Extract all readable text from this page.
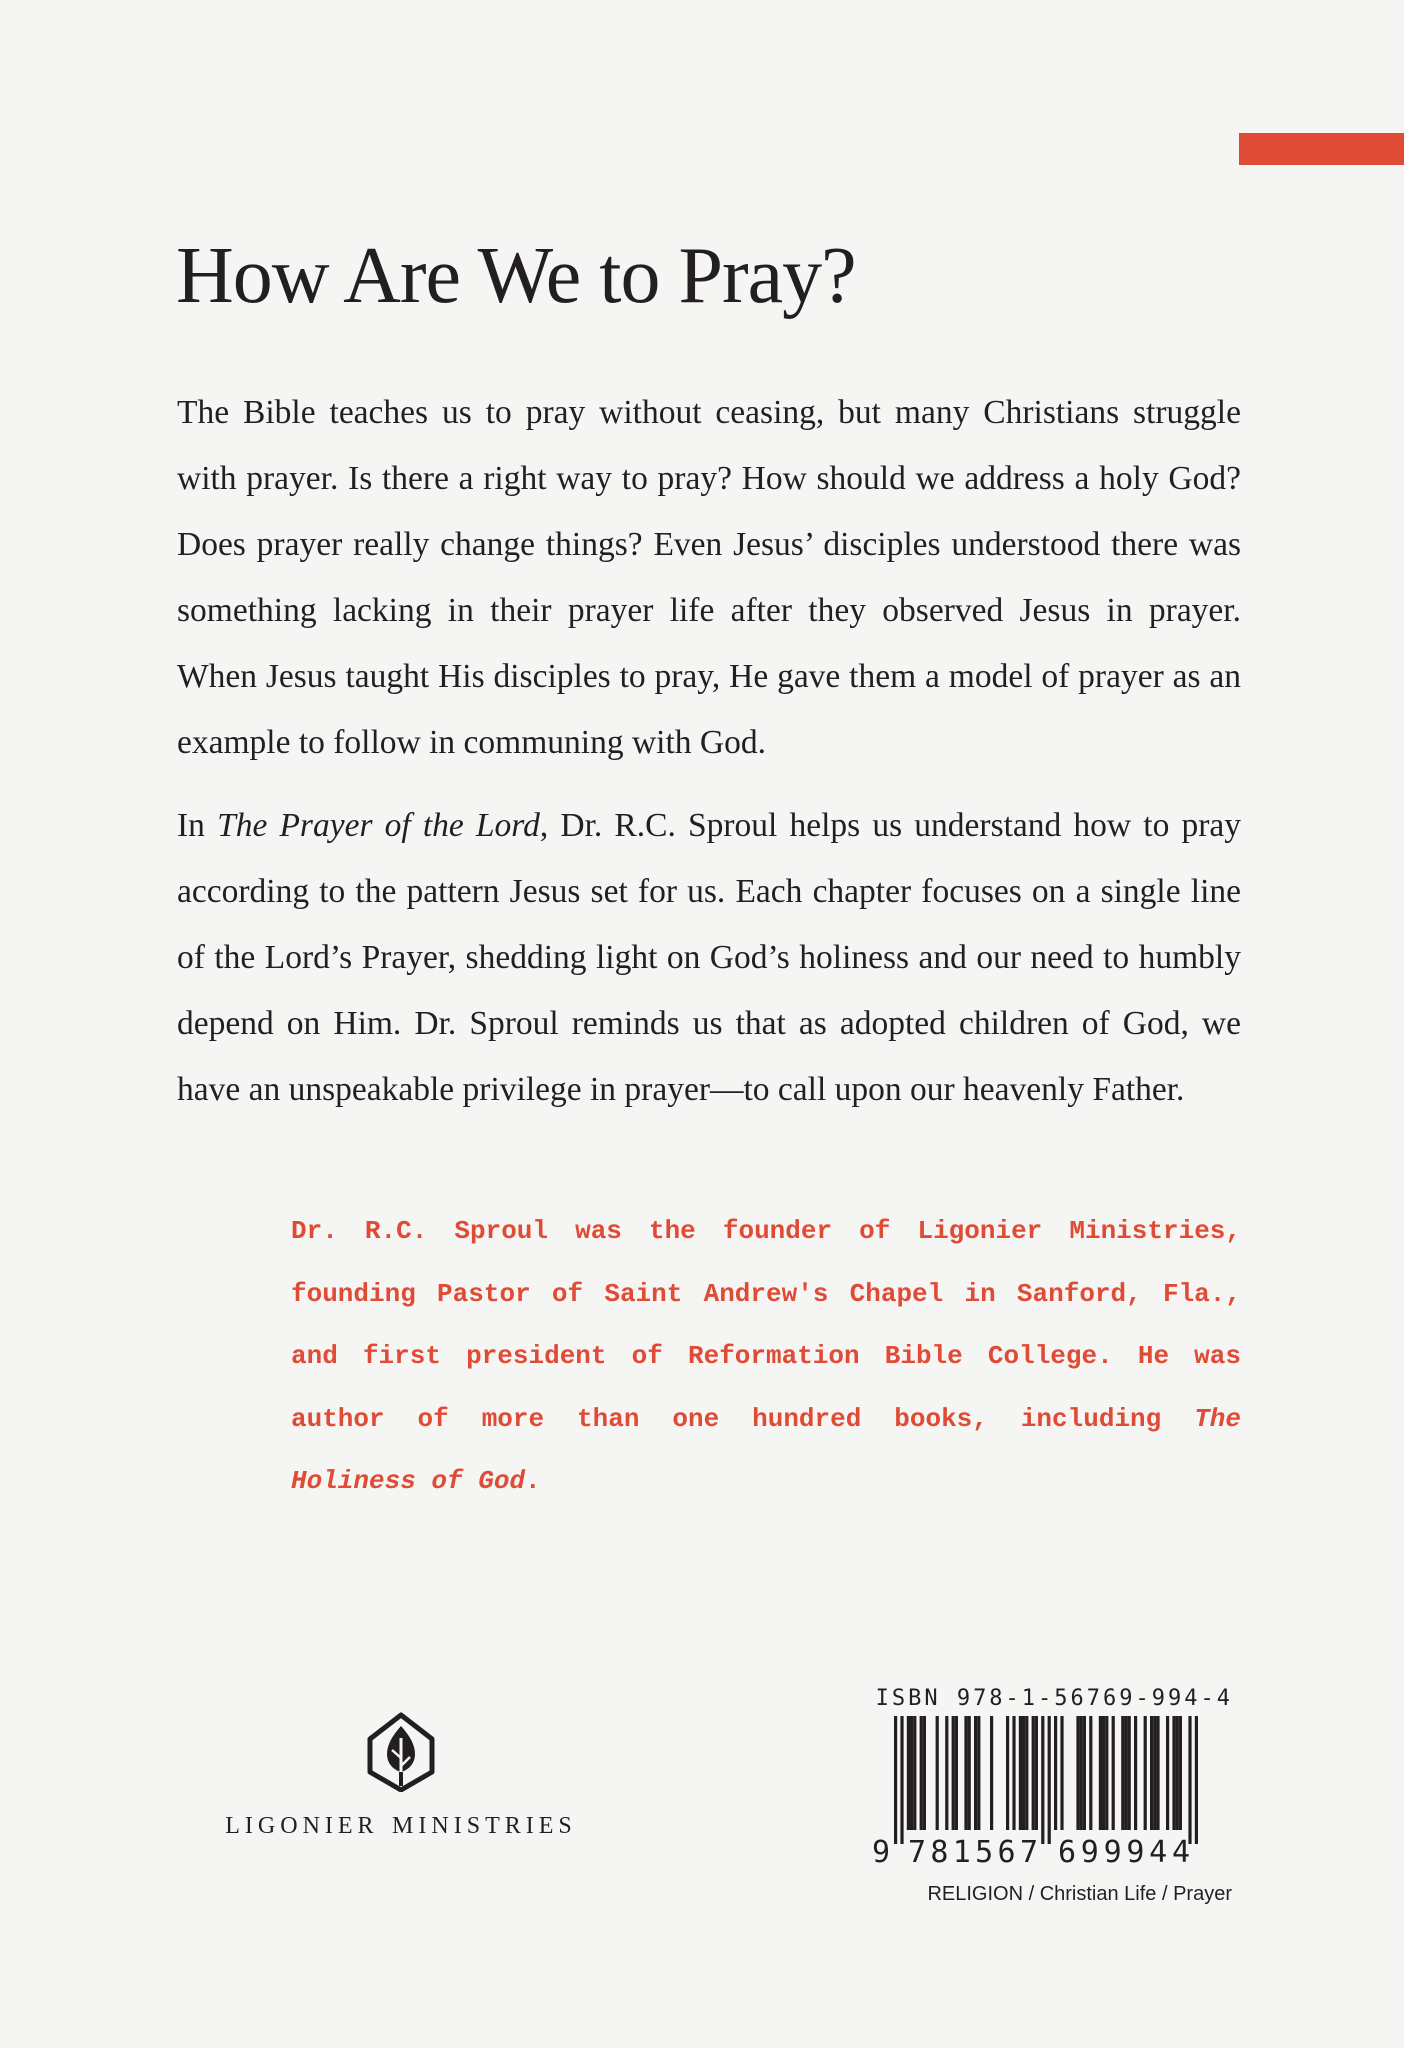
How Are We to Pray?

The Bible teaches us to pray without ceasing, but many Christians struggle with prayer. Is there a right way to pray? How should we address a holy God? Does prayer really change things? Even Jesus’ disciples understood there was something lacking in their prayer life after they observed Jesus in prayer. When Jesus taught His disciples to pray, He gave them a model of prayer as an example to follow in communing with God.

In The Prayer of the Lord, Dr. R.C. Sproul helps us understand how to pray according to the pattern Jesus set for us. Each chapter focuses on a single line of the Lord’s Prayer, shedding light on God’s holiness and our need to humbly depend on Him. Dr. Sproul reminds us that as adopted children of God, we have an unspeakable privilege in prayer—to call upon our heavenly Father.

Dr. R.C. Sproul was the founder of Ligonier Ministries, founding Pastor of Saint Andrew's Chapel in Sanford, Fla., and first president of Reformation Bible College. He was author of more than one hundred books, including The Holiness of God.

ligonier ministries
ISBN 978-1-56769-994-4
9 781567 699944
RELIGION / Christian Life / Prayer
